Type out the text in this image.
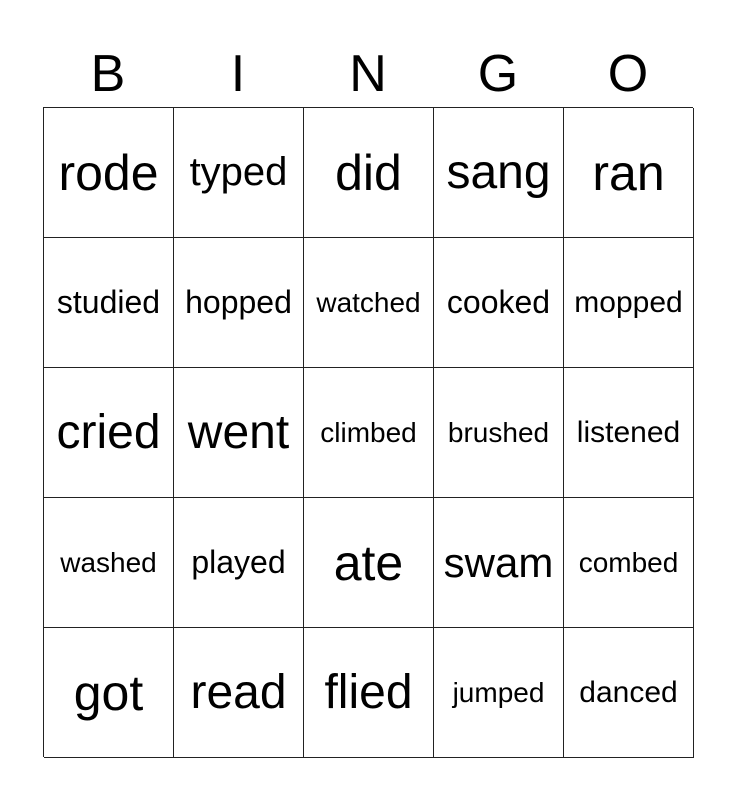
B	I	N	G	O
rode typed did sang ran
studied hopped watched cooked mopped
cried went	climbed	brushed listened
washed	played ate swam combed
got read flied	jumped	danced
